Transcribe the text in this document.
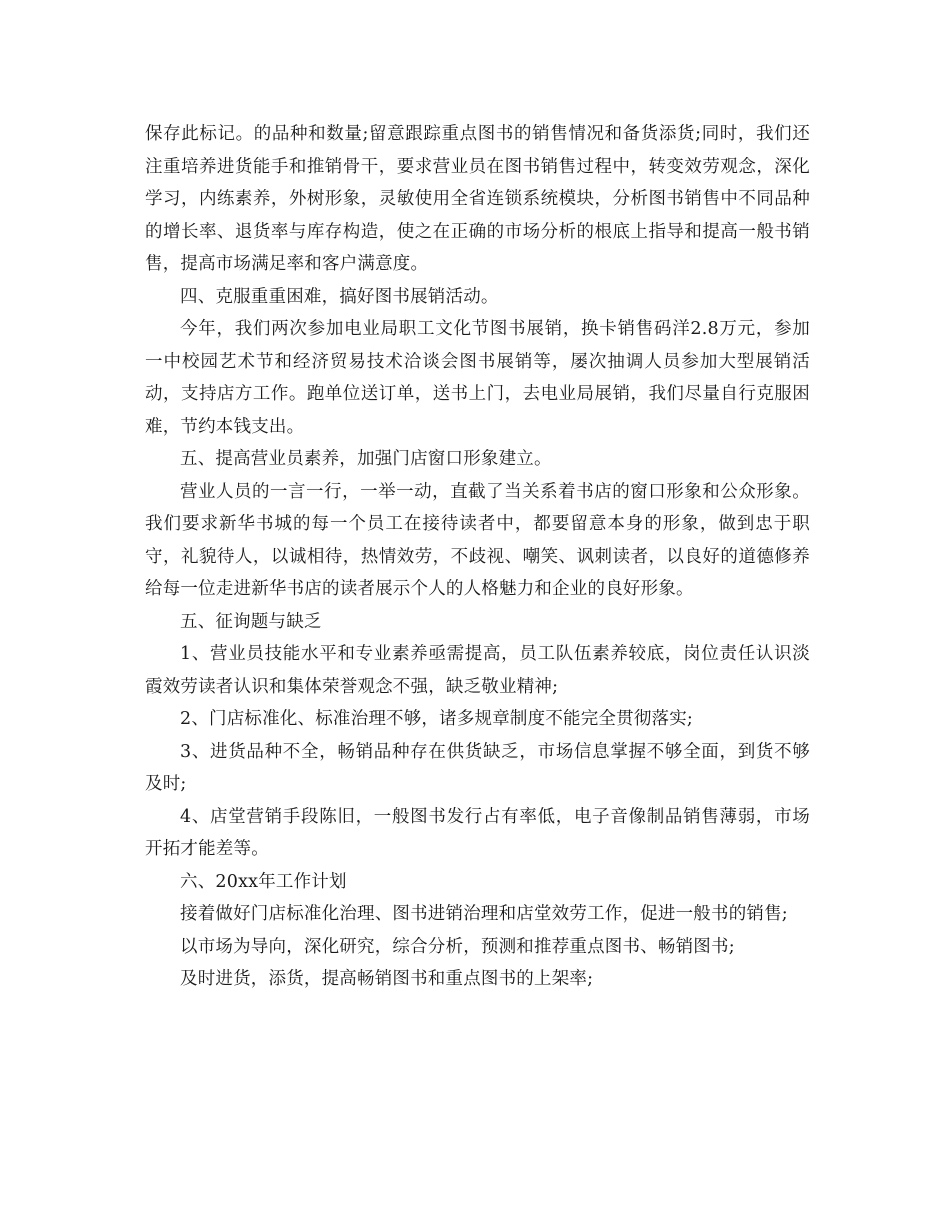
保存此标记。的品种和数量;留意跟踪重点图书的销售情况和备货添货;同时，我们还注重培养进货能手和推销骨干，要求营业员在图书销售过程中，转变效劳观念，深化学习，内练素养，外树形象，灵敏使用全省连锁系统模块，分析图书销售中不同品种的增长率、退货率与库存构造，使之在正确的市场分析的根底上指导和提高一般书销售，提高市场满足率和客户满意度。

四、克服重重困难，搞好图书展销活动。

今年，我们两次参加电业局职工文化节图书展销，换卡销售码洋2.8万元，参加一中校园艺术节和经济贸易技术洽谈会图书展销等，屡次抽调人员参加大型展销活动，支持店方工作。跑单位送订单，送书上门，去电业局展销，我们尽量自行克服困难，节约本钱支出。

五、提高营业员素养，加强门店窗口形象建立。

营业人员的一言一行，一举一动，直截了当关系着书店的窗口形象和公众形象。我们要求新华书城的每一个员工在接待读者中，都要留意本身的形象，做到忠于职守，礼貌待人，以诚相待，热情效劳，不歧视、嘲笑、讽刺读者，以良好的道德修养给每一位走进新华书店的读者展示个人的人格魅力和企业的良好形象。

五、征询题与缺乏

1、营业员技能水平和专业素养亟需提高，员工队伍素养较底，岗位责任认识淡霞效劳读者认识和集体荣誉观念不强，缺乏敬业精神;

2、门店标准化、标准治理不够，诸多规章制度不能完全贯彻落实;

3、进货品种不全，畅销品种存在供货缺乏，市场信息掌握不够全面，到货不够及时;

4、店堂营销手段陈旧，一般图书发行占有率低，电子音像制品销售薄弱，市场开拓才能差等。

六、20xx年工作计划

接着做好门店标准化治理、图书进销治理和店堂效劳工作，促进一般书的销售;

以市场为导向，深化研究，综合分析，预测和推荐重点图书、畅销图书;

及时进货，添货，提高畅销图书和重点图书的上架率;
